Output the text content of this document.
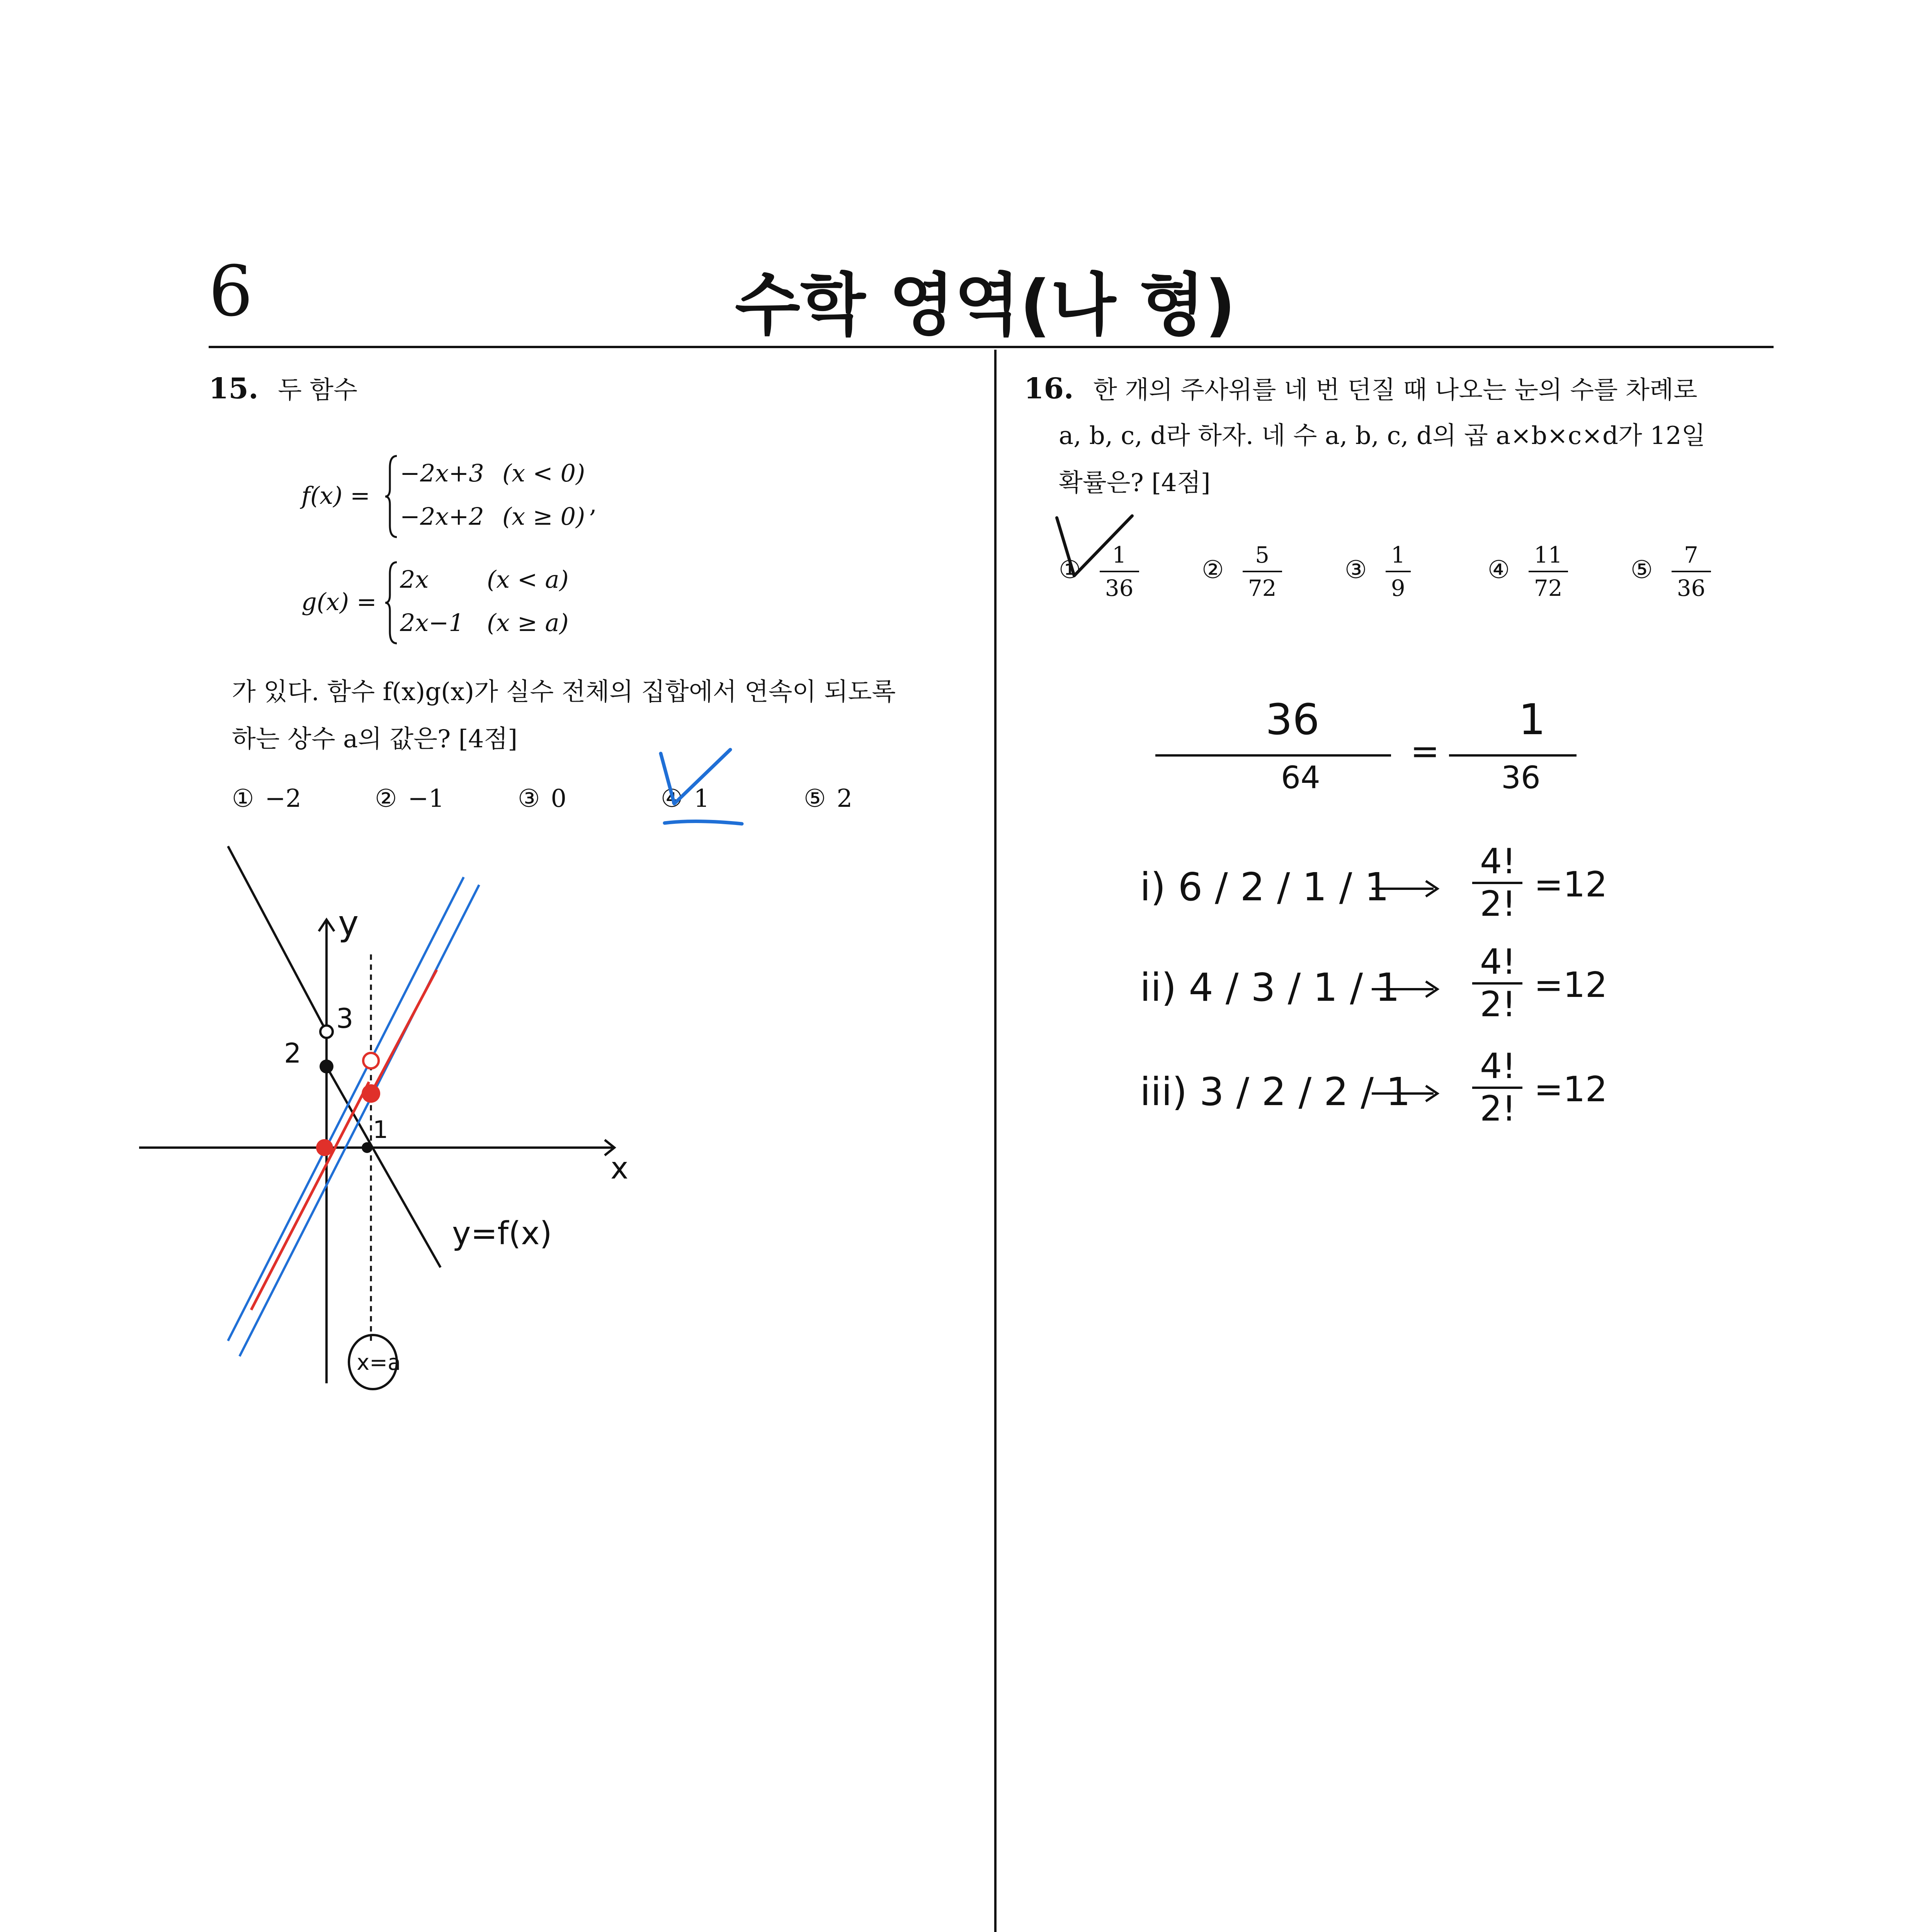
6	수학 영역(나 형)
15. 두 함수
f(x) =
−2x+3 (x < 0)
−2x+2 (x ≥ 0) ,
g(x) =
2x (x < a)
2x−1 (x ≥ a)
가 있다. 함수 f(x)g(x)가 실수 전체의 집합에서 연속이 되도록
하는 상수 a의 값은? [4점]
① −2	② −1	③ 0	④ 1	⑤ 2
x
y
3
2
1
y=f(x)
x=a
16. 한 개의 주사위를 네 번 던질 때 나오는 눈의 수를 차례로
a, b, c, d라 하자. 네 수 a, b, c, d의 곱 a×b×c×d가 12일
확률은? [4점]
① $\frac{1}{36}$	② $\frac{5}{72}$	③ $\frac{1}{9}$	④ $\frac{11}{72}$	⑤ $\frac{7}{36}$
36
64
=
1
36
i) 6 / 2 / 1 / 1
4!
2! =12
ii) 4 / 3 / 1 / 1
4!
2! =12
iii) 3 / 2 / 2 / 1
4!
2! =12
